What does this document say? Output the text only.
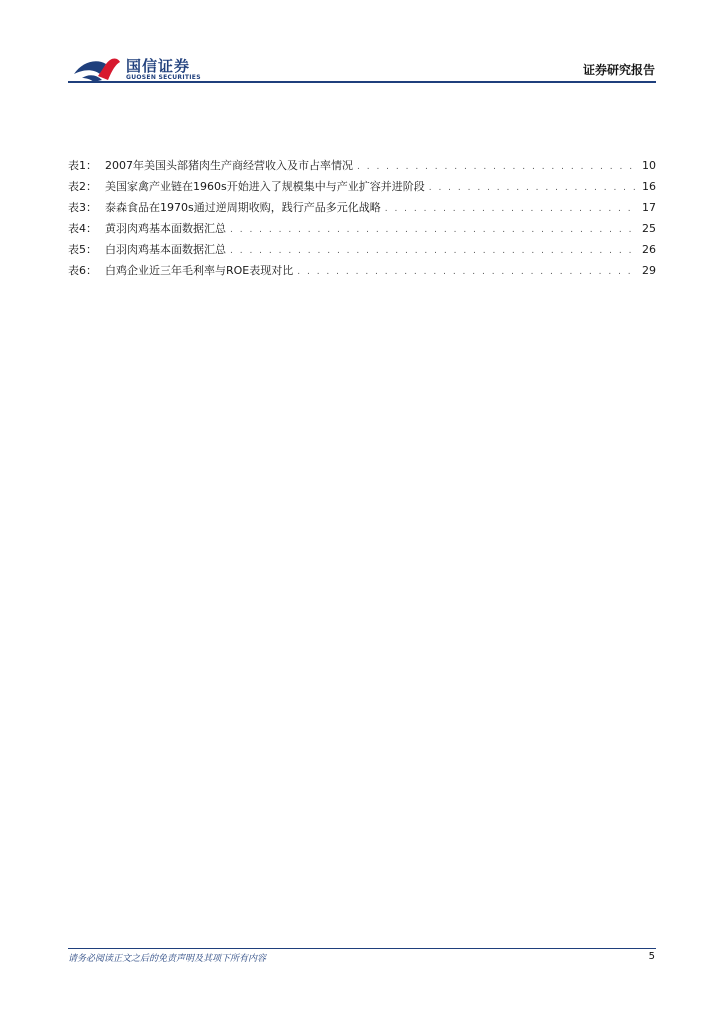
国信证券
GUOSEN SECURITIES
证券研究报告
表1： 2007年美国头部猪肉生产商经营收入及市占率情况 . . .	10
表2： 美国家禽产业链在1960s开始进入了规模集中与产业扩容并进阶段 . . .	16
表3： 泰森食品在1970s通过逆周期收购，践行产品多元化战略 . . .	17
表4： 黄羽肉鸡基本面数据汇总 . . .	25
表5： 白羽肉鸡基本面数据汇总 . . .	26
表6： 白鸡企业近三年毛利率与ROE表现对比 . . .	29
请务必阅读正文之后的免责声明及其项下所有内容	5
